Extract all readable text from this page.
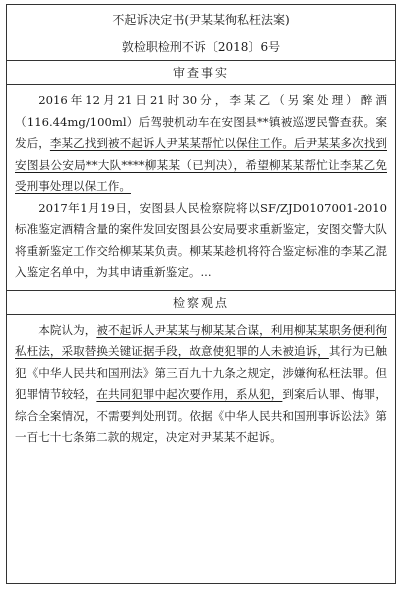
不起诉决定书(尹某某徇私枉法案)
敦检职检刑不诉〔2018〕6号
审查事实

2016年12月21日21时30分，李某乙（另案处理）醉酒（116.44mg/100ml）后驾驶机动车在安图县**镇被巡逻民警查获。案发后，李某乙找到被不起诉人尹某某帮忙以保住工作。后尹某某多次找到安图县公安局**大队****柳某某（已判决），希望柳某某帮忙让李某乙免受刑事处理以保工作。

2017年1月19日，安图县人民检察院将以SF/ZJD0107001-2010标准鉴定酒精含量的案件发回安图县公安局要求重新鉴定，安图交警大队将重新鉴定工作交给柳某某负责。柳某某趁机将符合鉴定标准的李某乙混入鉴定名单中，为其申请重新鉴定。...

检察观点

本院认为，被不起诉人尹某某与柳某某合谋，利用柳某某职务便利徇私枉法，采取替换关键证据手段，故意使犯罪的人未被追诉，其行为已触犯《中华人民共和国刑法》第三百九十九条之规定，涉嫌徇私枉法罪。但犯罪情节较轻，在共同犯罪中起次要作用，系从犯，到案后认罪、悔罪，综合全案情况，不需要判处刑罚。依据《中华人民共和国刑事诉讼法》第一百七十七条第二款的规定，决定对尹某某不起诉。
